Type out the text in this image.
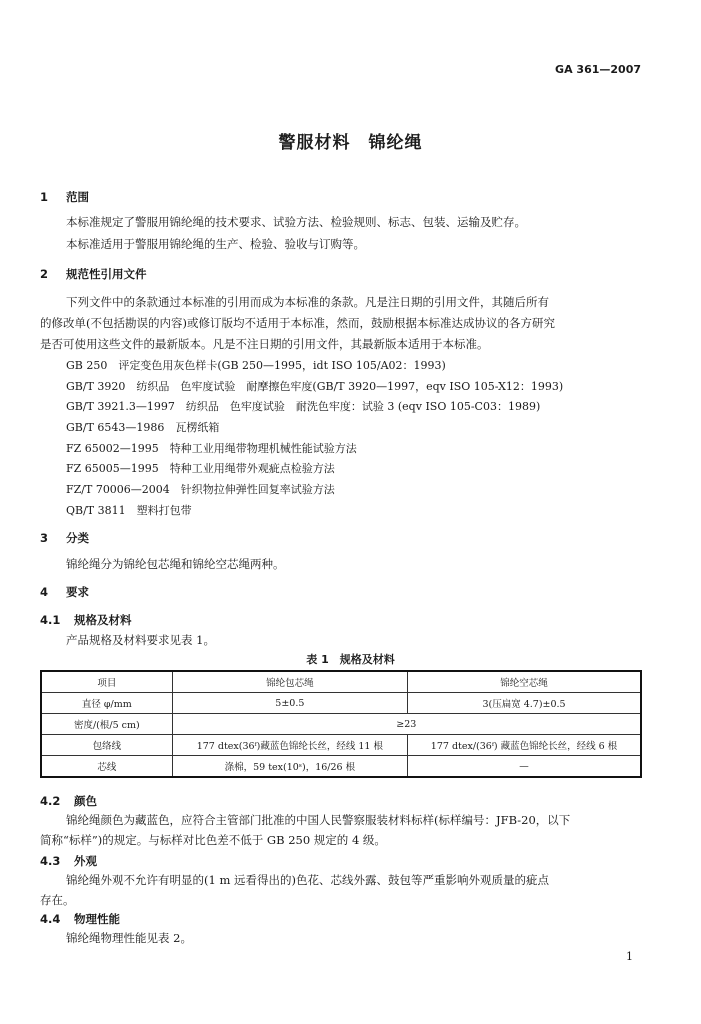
GA 361—2007
警服材料　锦纶绳
1 范围
本标准规定了警服用锦纶绳的技术要求、试验方法、检验规则、标志、包装、运输及贮存。
本标准适用于警服用锦纶绳的生产、检验、验收与订购等。
2 规范性引用文件
下列文件中的条款通过本标准的引用而成为本标准的条款。凡是注日期的引用文件，其随后所有
的修改单(不包括勘误的内容)或修订版均不适用于本标准，然而，鼓励根据本标准达成协议的各方研究
是否可使用这些文件的最新版本。凡是不注日期的引用文件，其最新版本适用于本标准。
GB 250　评定变色用灰色样卡(GB 250—1995，idt ISO 105/A02：1993)
GB/T 3920　纺织品　色牢度试验　耐摩擦色牢度(GB/T 3920—1997，eqv ISO 105-X12：1993)
GB/T 3921.3—1997　纺织品　色牢度试验　耐洗色牢度：试验 3 (eqv ISO 105-C03：1989)
GB/T 6543—1986　瓦楞纸箱
FZ 65002—1995　特种工业用绳带物理机械性能试验方法
FZ 65005—1995　特种工业用绳带外观疵点检验方法
FZ/T 70006—2004　针织物拉伸弹性回复率试验方法
QB/T 3811　塑料打包带
3 分类
锦纶绳分为锦纶包芯绳和锦纶空芯绳两种。
4 要求
4.1 规格及材料
产品规格及材料要求见表 1。
表 1　规格及材料
项目	锦纶包芯绳	锦纶空芯绳
直径 φ/mm	5±0.5	3(压扁宽 4.7)±0.5
密度/(根/5 cm)	≥23	
包络线	177 dtex(36ᶠ)藏蓝色锦纶长丝，经线 11 根	177 dtex/(36ᶠ) 藏蓝色锦纶长丝，经线 6 根
芯线	涤棉，59 tex(10ˢ)，16/26 根	—
4.2 颜色
锦纶绳颜色为藏蓝色，应符合主管部门批准的中国人民警察服装材料标样(标样编号：JFB-20，以下
简称“标样”)的规定。与标样对比色差不低于 GB 250 规定的 4 级。
4.3 外观
锦纶绳外观不允许有明显的(1 m 远看得出的)色花、芯线外露、鼓包等严重影响外观质量的疵点
存在。
4.4 物理性能
锦纶绳物理性能见表 2。
1
